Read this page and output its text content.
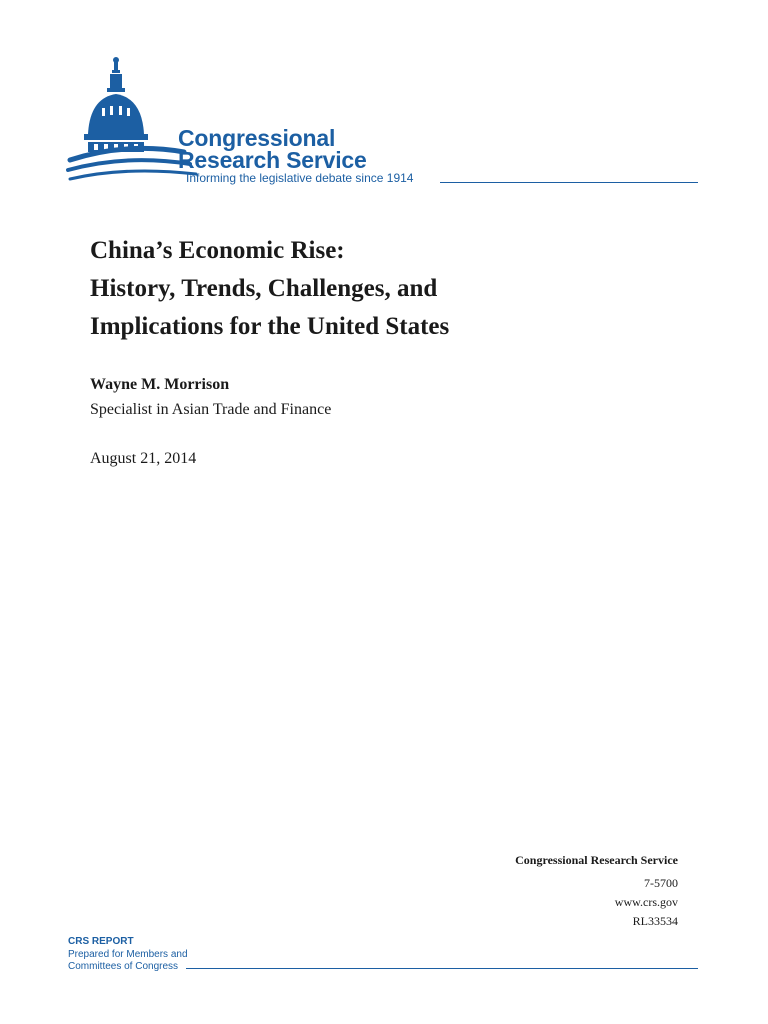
Congressional
Research Service
Informing the legislative debate since 1914
China’s Economic Rise:
History, Trends, Challenges, and
Implications for the United States
Wayne M. Morrison
Specialist in Asian Trade and Finance
August 21, 2014
Congressional Research Service
7-5700
www.crs.gov
RL33534
CRS REPORT
Prepared for Members and
Committees of Congress
